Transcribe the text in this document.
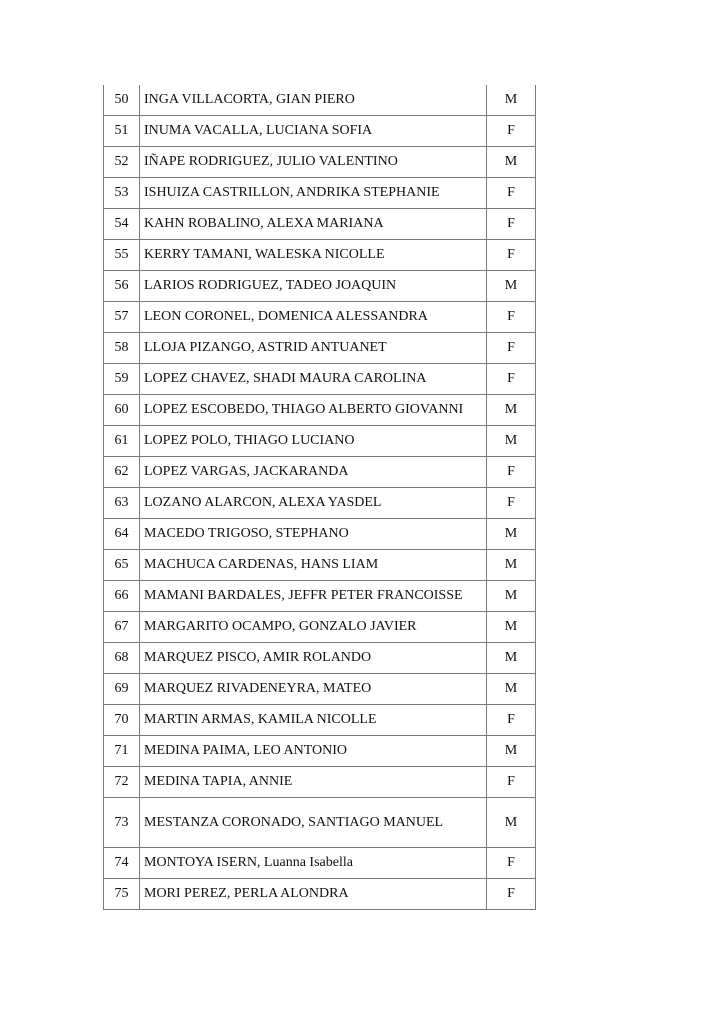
50	INGA VILLACORTA, GIAN PIERO	M
51	INUMA VACALLA, LUCIANA SOFIA	F
52	IÑAPE RODRIGUEZ, JULIO VALENTINO	M
53	ISHUIZA CASTRILLON, ANDRIKA STEPHANIE	F
54	KAHN ROBALINO, ALEXA MARIANA	F
55	KERRY TAMANI, WALESKA NICOLLE	F
56	LARIOS RODRIGUEZ, TADEO JOAQUIN	M
57	LEON CORONEL, DOMENICA ALESSANDRA	F
58	LLOJA PIZANGO, ASTRID ANTUANET	F
59	LOPEZ CHAVEZ, SHADI MAURA CAROLINA	F
60	LOPEZ ESCOBEDO, THIAGO ALBERTO GIOVANNI	M
61	LOPEZ POLO, THIAGO LUCIANO	M
62	LOPEZ VARGAS, JACKARANDA	F
63	LOZANO ALARCON, ALEXA YASDEL	F
64	MACEDO TRIGOSO, STEPHANO	M
65	MACHUCA CARDENAS, HANS LIAM	M
66	MAMANI BARDALES, JEFFR PETER FRANCOISSE	M
67	MARGARITO OCAMPO, GONZALO JAVIER	M
68	MARQUEZ PISCO, AMIR ROLANDO	M
69	MARQUEZ RIVADENEYRA, MATEO	M
70	MARTIN ARMAS, KAMILA NICOLLE	F
71	MEDINA PAIMA, LEO ANTONIO	M
72	MEDINA TAPIA, ANNIE	F
73	MESTANZA CORONADO, SANTIAGO MANUEL	M
74	MONTOYA ISERN, Luanna Isabella	F
75	MORI PEREZ, PERLA ALONDRA	F
